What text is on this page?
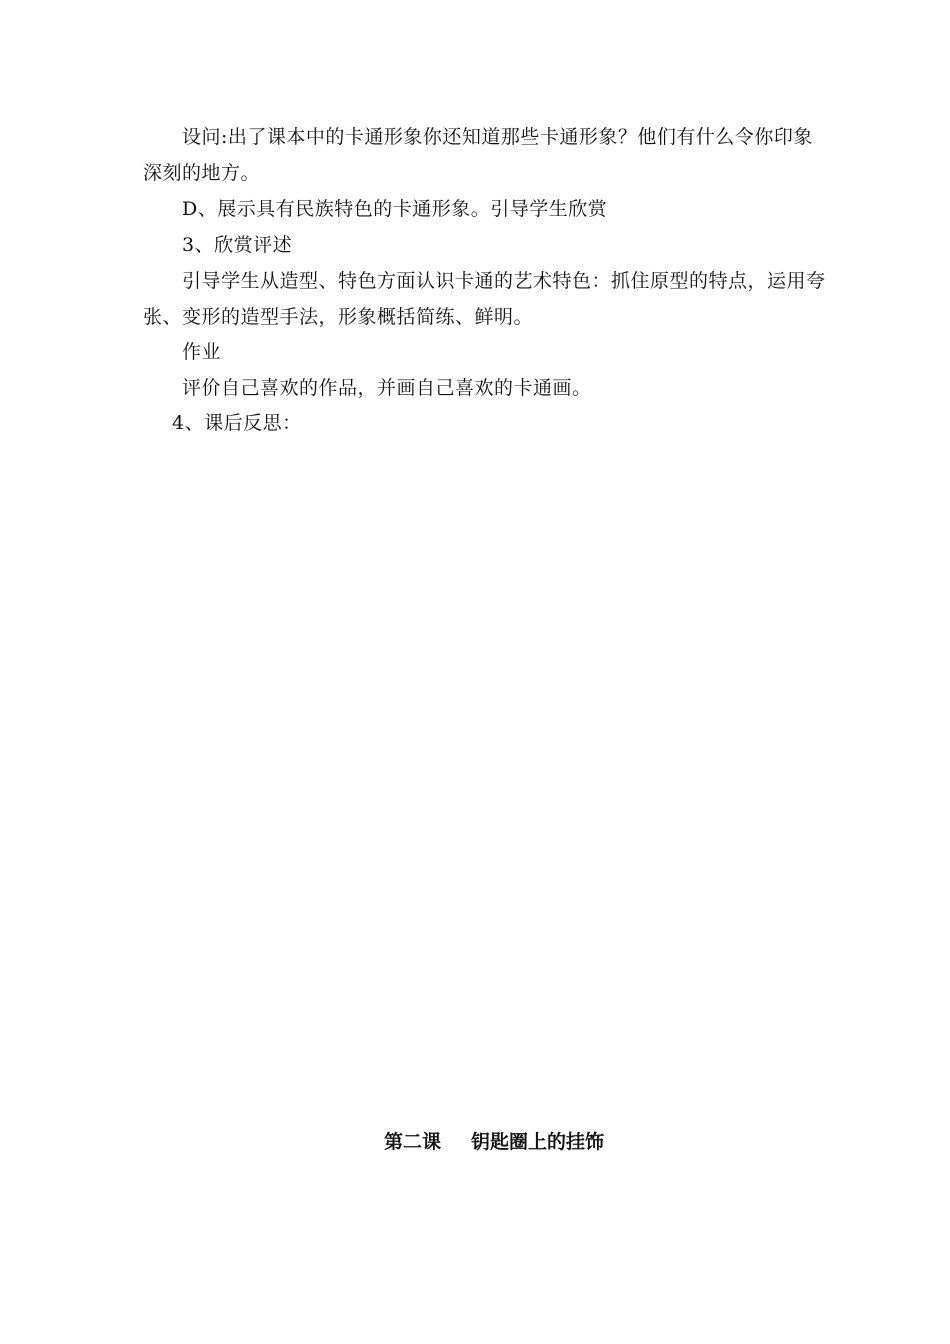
设问:出了课本中的卡通形象你还知道那些卡通形象？他们有什么令你印象
深刻的地方。
D、展示具有民族特色的卡通形象。引导学生欣赏
3、欣赏评述
引导学生从造型、特色方面认识卡通的艺术特色：抓住原型的特点，运用夸
张、变形的造型手法，形象概括简练、鲜明。
作业
评价自己喜欢的作品，并画自己喜欢的卡通画。
4、课后反思：
第二课 钥匙圈上的挂饰
